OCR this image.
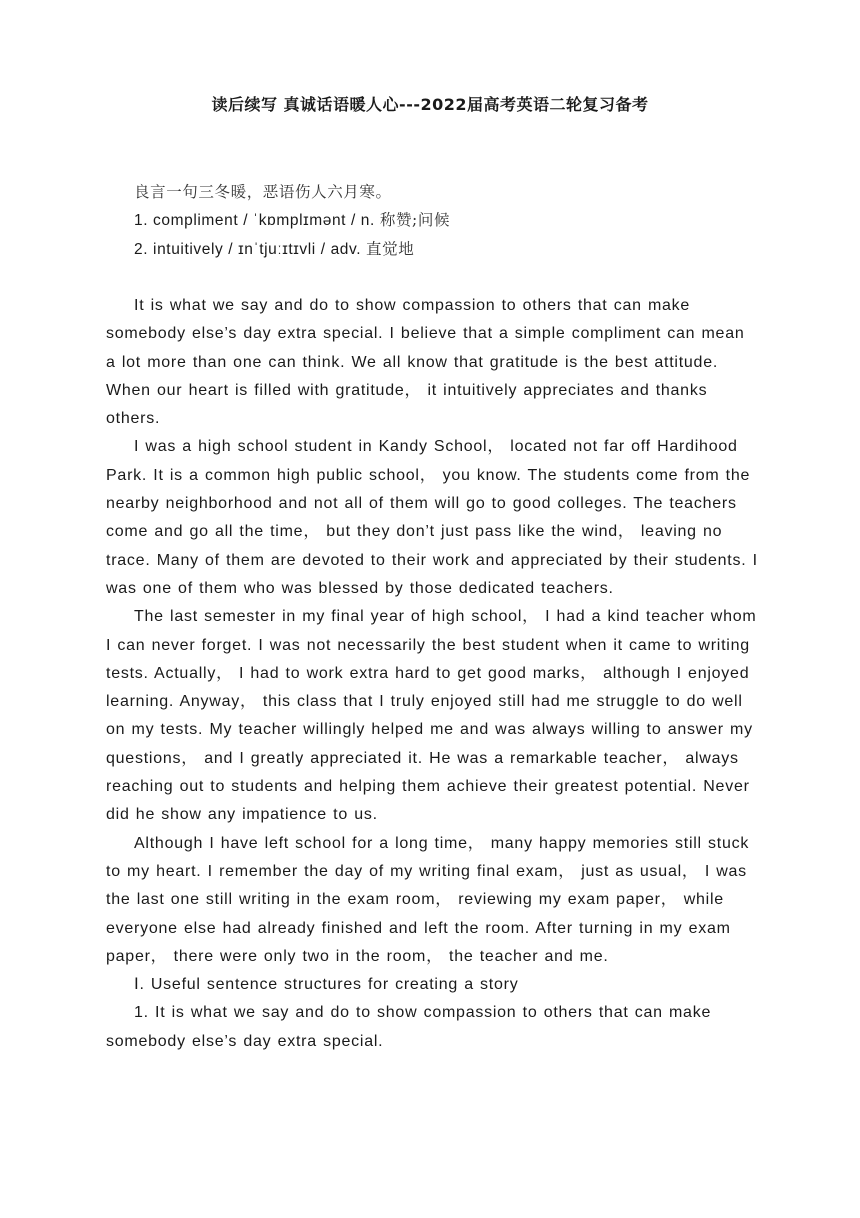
读后续写 真诚话语暖人心---2022届高考英语二轮复习备考
良言一句三冬暖，恶语伤人六月寒。
1. compliment / ˈkɒmplɪmənt / n. 称赞;问候
2. intuitively / ɪnˈtjuːɪtɪvli / adv. 直觉地

It is what we say and do to show compassion to others that can make somebody else’s day extra special. I believe that a simple compliment can mean a lot more than one can think. We all know that gratitude is the best attitude. When our heart is filled with gratitude， it intuitively appreciates and thanks others.

I was a high school student in Kandy School， located not far off Hardihood Park. It is a common high public school， you know. The students come from the nearby neighborhood and not all of them will go to good colleges. The teachers come and go all the time， but they don’t just pass like the wind， leaving no trace. Many of them are devoted to their work and appreciated by their students. I was one of them who was blessed by those dedicated teachers.

The last semester in my final year of high school， I had a kind teacher whom I can never forget. I was not necessarily the best student when it came to writing tests. Actually， I had to work extra hard to get good marks， although I enjoyed learning. Anyway， this class that I truly enjoyed still had me struggle to do well on my tests. My teacher willingly helped me and was always willing to answer my questions， and I greatly appreciated it. He was a remarkable teacher， always reaching out to students and helping them achieve their greatest potential. Never did he show any impatience to us.

Although I have left school for a long time， many happy memories still stuck to my heart. I remember the day of my writing final exam， just as usual， I was the last one still writing in the exam room， reviewing my exam paper， while everyone else had already finished and left the room. After turning in my exam paper， there were only two in the room， the teacher and me.

Ⅰ. Useful sentence structures for creating a story

1. It is what we say and do to show compassion to others that can make somebody else’s day extra special.
